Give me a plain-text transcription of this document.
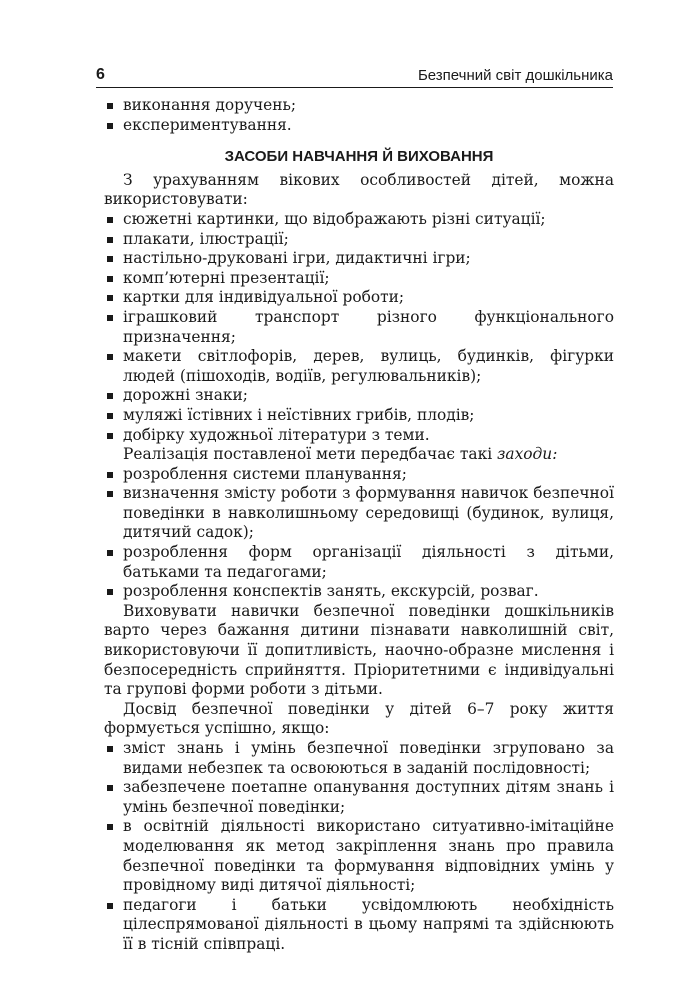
6	Безпечний світ дошкільника
виконання доручень;
експериментування.
ЗАСОБИ НАВЧАННЯ Й ВИХОВАННЯ

З урахуванням вікових особливостей дітей, можна використовувати:

сюжетні картинки, що відображають різні ситуації;
плакати, ілюстрації;
настільно-друковані ігри, дидактичні ігри;
комп’ютерні презентації;
картки для індивідуальної роботи;
іграшковий транспорт різного функціонального призначення;
макети світлофорів, дерев, вулиць, будинків, фігурки людей (пішоходів, водіїв, регулювальників);
дорожні знаки;
муляжі їстівних і неїстівних грибів, плодів;
добірку художньої літератури з теми.

Реалізація поставленої мети передбачає такі заходи:

розроблення системи планування;
визначення змісту роботи з формування навичок безпечної поведінки в навколишньому середовищі (будинок, вулиця, дитячий садок);
розроблення форм організації діяльності з дітьми, батьками та педагогами;
розроблення конспектів занять, екскурсій, розваг.

Виховувати навички безпечної поведінки дошкільників варто через бажання дитини пізнавати навколишній світ, використовуючи її допитливість, наочно-образне мислення і безпосередність сприйняття. Пріоритетними є індивідуальні та групові форми роботи з дітьми.

Досвід безпечної поведінки у дітей 6–7 року життя формується успішно, якщо:

зміст знань і умінь безпечної поведінки згруповано за видами небезпек та освоюються в заданій послідовності;
забезпечене поетапне опанування доступних дітям знань і умінь безпечної поведінки;
в освітній діяльності використано ситуативно-імітаційне моделювання як метод закріплення знань про правила безпечної поведінки та формування відповідних умінь у провідному виді дитячої діяльності;
педагоги і батьки усвідомлюють необхідність цілеспрямованої діяльності в цьому напрямі та здійснюють її в тісній співпраці.
